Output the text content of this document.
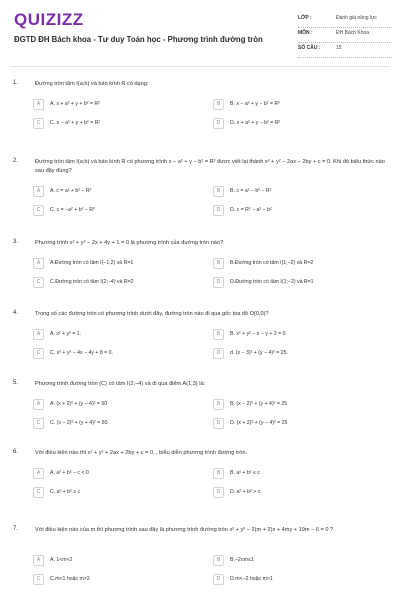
QUIZIZZ
ĐGTD ĐH Bách khoa - Tư duy Toán học - Phương trình đường tròn
LỚP :	Đánh giá năng lực
MÔN :	ĐH Bách Khoa
SỐ CÂU :	15
1.	Đường tròn tâm I(a;b) và bán kính R có dạng:
A	A. x + a² + y + b² = R²	B	B. x − a² + y − b² = R²
C	C. x − a² + y + b² = R²	D	D. x + a² + y − b² = R²
2.	Đường tròn tâm I(a;b) và bán kính R có phương trình x − a² + y − b² = R² được viết lại thành x² + y² − 2ax − 2by + c = 0. Khi đó biểu thức nào sau đây đúng?
A	A. c = a² + b² − R²	B	B. c = a² − b² − R²
C	C. c = −a² + b² − R²	D	D. c = R² − a² − b²
3.	Phương trình x² + y² − 2x + 4y + 1 = 0 là phương trình của đường tròn nào?
A	A.Đường tròn có tâm I(−1;2) và R=1	B	B.Đường tròn có tâm I(1;−2) và R=2
C	C.Đường tròn có tâm I(2;−4) và R=2	D	D.Đường tròn có tâm I(1;−2) và R=1
4.	Trong số các đường tròn có phương trình dưới đây, đường tròn nào đi qua gốc tọa độ O(0,0)?
A	A. x² + y² = 1.	B	B. x² + y² − x − y + 2 = 0
C	C. x² + y² − 4x − 4y + 8 = 0.	D	d. (x − 3)² + (y − 4)² = 25.
5.	Phương trình đường tròn (C) có tâm I(2;−4) và đi qua điểm A(1;3) là:
A	A. (x + 2)² + (y − 4)² = 50	B	B. (x − 2)² + (y + 4)² = 25
C	C. (x − 2)² + (y + 4)² = 50.	D	D. (x + 2)² + (y − 4)² = 25
6.	Với điều kiện nào thì x² + y² + 2ax + 2by + c = 0, , biểu diễn phương trình đường tròn.
A	A. a² + b² − c < 0	B	B. a² + b² ≤ c
C	C. a² + b² ≥ c	D	D. a² + b² > c
7.	Với điều kiện nào của m thì phương trình sau đây là phương trình đường tròn x² + y² − 2(m + 2)x + 4my + 19m − 6 = 0 ?
A	A. 1<m<2	B	B.−2≤m≤1
C	C.m<1 hoặc m>2	D	D.m<−2 hoặc m>1
